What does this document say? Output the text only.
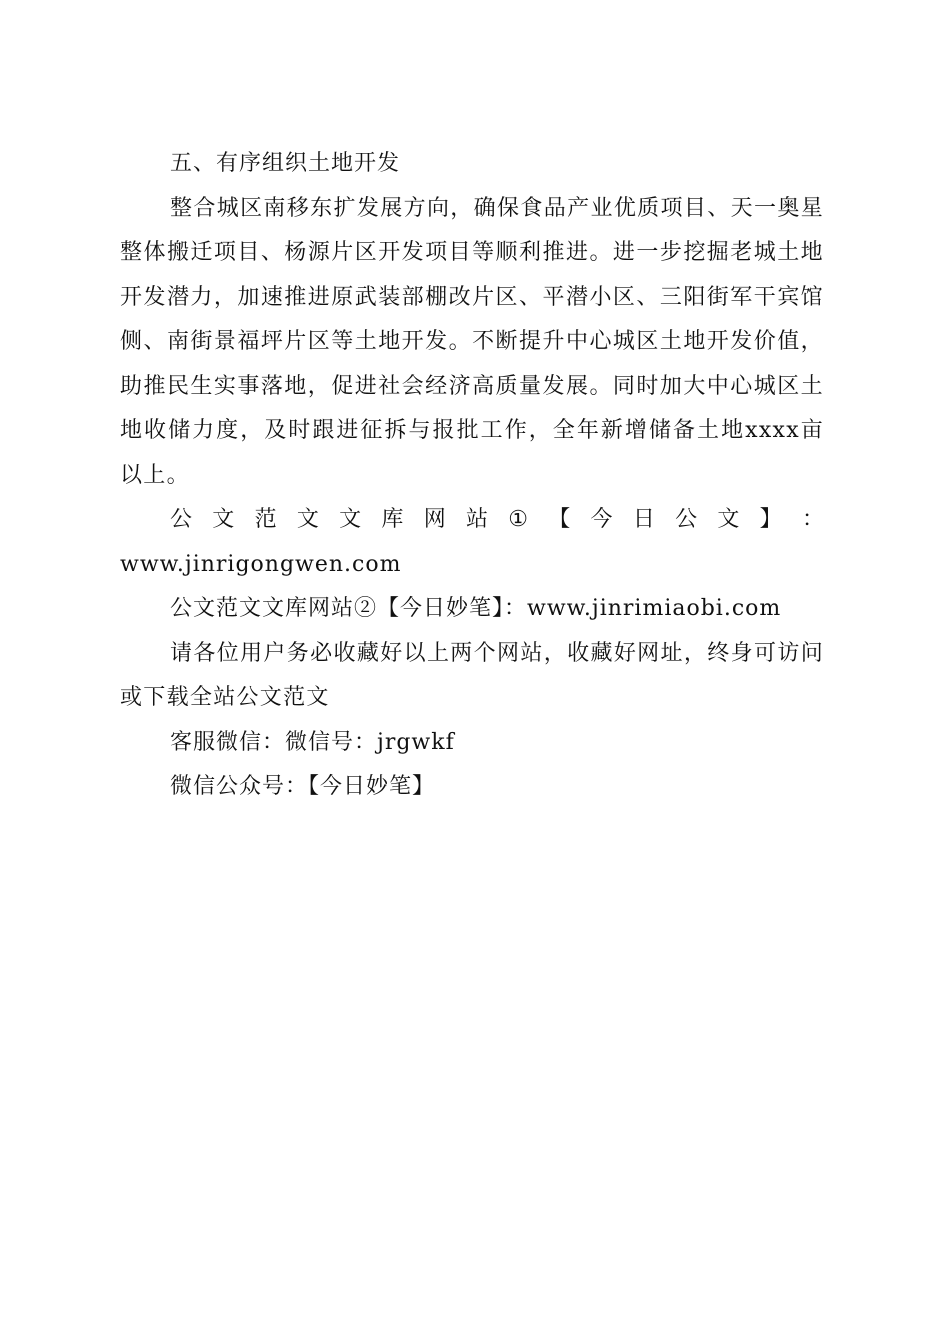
五、有序组织土地开发

整合城区南移东扩发展方向，确保食品产业优质项目、天一奥星整体搬迁项目、杨源片区开发项目等顺利推进。进一步挖掘老城土地开发潜力，加速推进原武装部棚改片区、平潜小区、三阳街军干宾馆侧、南街景福坪片区等土地开发。不断提升中心城区土地开发价值，助推民生实事落地，促进社会经济高质量发展。同时加大中心城区土地收储力度，及时跟进征拆与报批工作，全年新增储备土地xxxx亩以上。

公 文 范 文 文 库 网 站 ① 【 今 日 公 文 】 ：

www.jinrigongwen.com

公文范文文库网站②【今日妙笔】：www.jinrimiaobi.com

请各位用户务必收藏好以上两个网站，收藏好网址，终身可访问或下载全站公文范文

客服微信：微信号：jrgwkf

微信公众号：【今日妙笔】
